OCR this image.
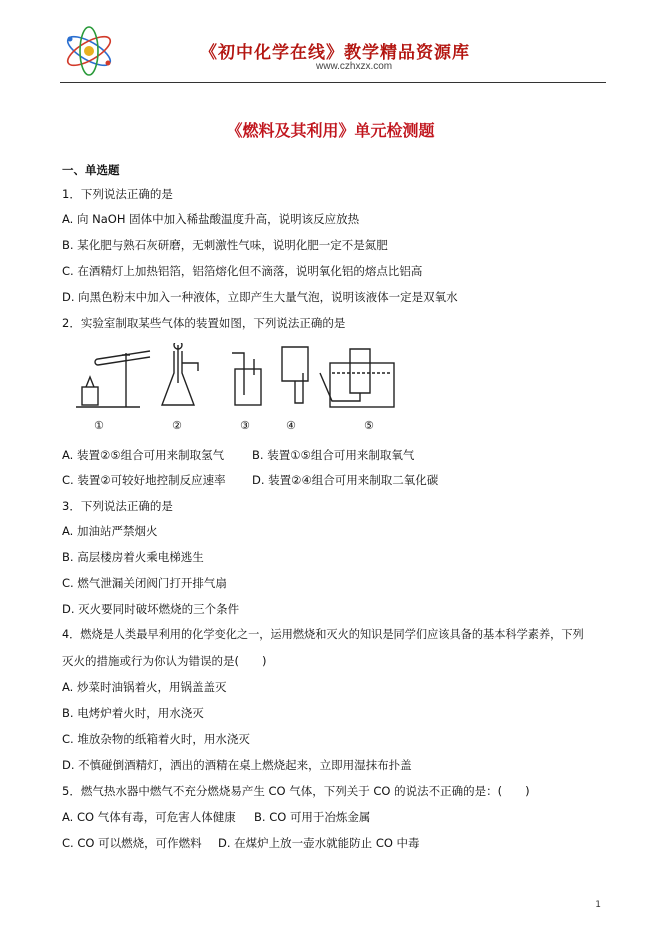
《初中化学在线》教学精品资源库
www.czhxzx.com
《燃料及其利用》单元检测题
一、单选题
1．下列说法正确的是
A. 向 NaOH 固体中加入稀盐酸温度升高，说明该反应放热
B. 某化肥与熟石灰研磨，无刺激性气味，说明化肥一定不是氮肥
C. 在酒精灯上加热铝箔，铝箔熔化但不滴落，说明氧化铝的熔点比铝高
D. 向黑色粉末中加入一种液体，立即产生大量气泡，说明该液体一定是双氧水
2．实验室制取某些气体的装置如图，下列说法正确的是
①	②	③	④	⑤
A. 装置②⑤组合可用来制取氢气 B. 装置①⑤组合可用来制取氧气
C. 装置②可较好地控制反应速率 D. 装置②④组合可用来制取二氧化碳
3．下列说法正确的是
A. 加油站严禁烟火
B. 高层楼房着火乘电梯逃生
C. 燃气泄漏关闭阀门打开排气扇
D. 灭火要同时破坏燃烧的三个条件
4．燃烧是人类最早利用的化学变化之一，运用燃烧和灭火的知识是同学们应该具备的基本科学素养，下列
灭火的措施或行为你认为错误的是(　　)
A. 炒菜时油锅着火，用锅盖盖灭
B. 电烤炉着火时，用水浇灭
C. 堆放杂物的纸箱着火时，用水浇灭
D. 不慎碰倒酒精灯，洒出的酒精在桌上燃烧起来，立即用湿抹布扑盖
5．燃气热水器中燃气不充分燃烧易产生 CO 气体，下列关于 CO 的说法不正确的是：(　　)
A. CO 气体有毒，可危害人体健康 B. CO 可用于冶炼金属
C. CO 可以燃烧，可作燃料 D. 在煤炉上放一壶水就能防止 CO 中毒
1
